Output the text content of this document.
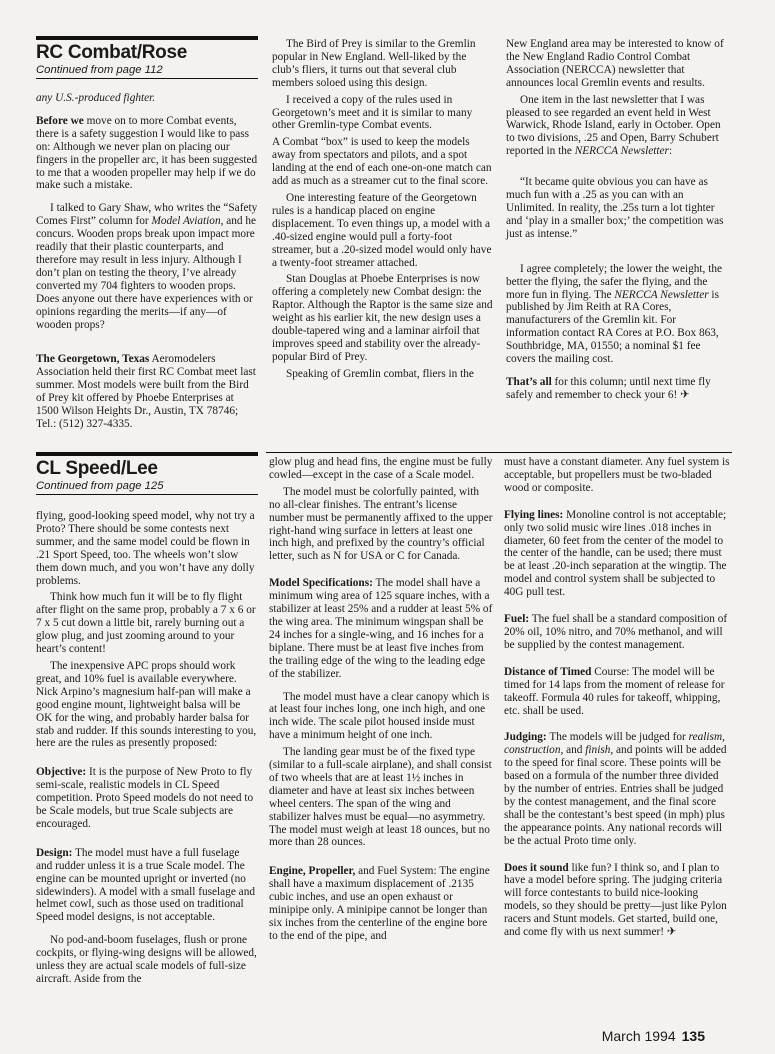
RC Combat/Rose
Continued from page 112

any U.S.-produced fighter.

Before we move on to more Combat events, there is a safety suggestion I would like to pass on: Although we never plan on placing our fingers in the propeller arc, it has been suggested to me that a wooden propeller may help if we do make such a mistake.

I talked to Gary Shaw, who writes the “Safety Comes First” column for Model Aviation, and he concurs. Wooden props break upon impact more readily that their plastic counterparts, and therefore may result in less injury. Although I don’t plan on testing the theory, I’ve already converted my 704 fighters to wooden props. Does anyone out there have experiences with or opinions regarding the merits—if any—of wooden props?

The Georgetown, Texas Aeromodelers Association held their first RC Combat meet last summer. Most models were built from the Bird of Prey kit offered by Phoebe Enterprises at 1500 Wilson Heights Dr., Austin, TX 78746; Tel.: (512) 327-4335.

The Bird of Prey is similar to the Gremlin popular in New England. Well-liked by the club’s fliers, it turns out that several club members soloed using this design.

I received a copy of the rules used in Georgetown’s meet and it is similar to many other Gremlin-type Combat events.

A Combat “box” is used to keep the models away from spectators and pilots, and a spot landing at the end of each one-on-one match can add as much as a streamer cut to the final score.

One interesting feature of the Georgetown rules is a handicap placed on engine displacement. To even things up, a model with a .40-sized engine would pull a forty-foot streamer, but a .20-sized model would only have a twenty-foot streamer attached.

Stan Douglas at Phoebe Enterprises is now offering a completely new Combat design: the Raptor. Although the Raptor is the same size and weight as his earlier kit, the new design uses a double-tapered wing and a laminar airfoil that improves speed and stability over the already-popular Bird of Prey.

Speaking of Gremlin combat, fliers in the

New England area may be interested to know of the New England Radio Control Combat Association (NERCCA) newsletter that announces local Gremlin events and results.

One item in the last newsletter that I was pleased to see regarded an event held in West Warwick, Rhode Island, early in October. Open to two divisions, .25 and Open, Barry Schubert reported in the NERCCA Newsletter:

“It became quite obvious you can have as much fun with a .25 as you can with an Unlimited. In reality, the .25s turn a lot tighter and ‘play in a smaller box;’ the competition was just as intense.”

I agree completely; the lower the weight, the better the flying, the safer the flying, and the more fun in flying. The NERCCA Newsletter is published by Jim Reith at RA Cores, manufacturers of the Gremlin kit. For information contact RA Cores at P.O. Box 863, Southbridge, MA, 01550; a nominal $1 fee covers the mailing cost.

That’s all for this column; until next time fly safely and remember to check your 6! ✈

CL Speed/Lee
Continued from page 125

flying, good-looking speed model, why not try a Proto? There should be some contests next summer, and the same model could be flown in .21 Sport Speed, too. The wheels won’t slow them down much, and you won’t have any dolly problems.

Think how much fun it will be to fly flight after flight on the same prop, probably a 7 x 6 or 7 x 5 cut down a little bit, rarely burning out a glow plug, and just zooming around to your heart’s content!

The inexpensive APC props should work great, and 10% fuel is available everywhere. Nick Arpino’s magnesium half-pan will make a good engine mount, lightweight balsa will be OK for the wing, and probably harder balsa for stab and rudder. If this sounds interesting to you, here are the rules as presently proposed:

Objective: It is the purpose of New Proto to fly semi-scale, realistic models in CL Speed competition. Proto Speed models do not need to be Scale models, but true Scale subjects are encouraged.

Design: The model must have a full fuselage and rudder unless it is a true Scale model. The engine can be mounted upright or inverted (no sidewinders). A model with a small fuselage and helmet cowl, such as those used on traditional Speed model designs, is not acceptable.

No pod-and-boom fuselages, flush or prone cockpits, or flying-wing designs will be allowed, unless they are actual scale models of full-size aircraft. Aside from the

glow plug and head fins, the engine must be fully cowled—except in the case of a Scale model.

The model must be colorfully painted, with no all-clear finishes. The entrant’s license number must be permanently affixed to the upper right-hand wing surface in letters at least one inch high, and prefixed by the country’s official letter, such as N for USA or C for Canada.

Model Specifications: The model shall have a minimum wing area of 125 square inches, with a stabilizer at least 25% and a rudder at least 5% of the wing area. The minimum wingspan shall be 24 inches for a single-wing, and 16 inches for a biplane. There must be at least five inches from the trailing edge of the wing to the leading edge of the stabilizer.

The model must have a clear canopy which is at least four inches long, one inch high, and one inch wide. The scale pilot housed inside must have a minimum height of one inch.

The landing gear must be of the fixed type (similar to a full-scale airplane), and shall consist of two wheels that are at least 1½ inches in diameter and have at least six inches between wheel centers. The span of the wing and stabilizer halves must be equal—no asymmetry. The model must weigh at least 18 ounces, but no more than 28 ounces.

Engine, Propeller, and Fuel System: The engine shall have a maximum displacement of .2135 cubic inches, and use an open exhaust or minipipe only. A minipipe cannot be longer than six inches from the centerline of the engine bore to the end of the pipe, and

must have a constant diameter. Any fuel system is acceptable, but propellers must be two-bladed wood or composite.

Flying lines: Monoline control is not acceptable; only two solid music wire lines .018 inches in diameter, 60 feet from the center of the model to the center of the handle, can be used; there must be at least .20-inch separation at the wingtip. The model and control system shall be subjected to 40G pull test.

Fuel: The fuel shall be a standard composition of 20% oil, 10% nitro, and 70% methanol, and will be supplied by the contest management.

Distance of Timed Course: The model will be timed for 14 laps from the moment of release for takeoff. Formula 40 rules for takeoff, whipping, etc. shall be used.

Judging: The models will be judged for realism, construction, and finish, and points will be added to the speed for final score. These points will be based on a formula of the number three divided by the number of entries. Entries shall be judged by the contest management, and the final score shall be the contestant’s best speed (in mph) plus the appearance points. Any national records will be the actual Proto time only.

Does it sound like fun? I think so, and I plan to have a model before spring. The judging criteria will force contestants to build nice-looking models, so they should be pretty—just like Pylon racers and Stunt models. Get started, build one, and come fly with us next summer! ✈

March 1994 135
